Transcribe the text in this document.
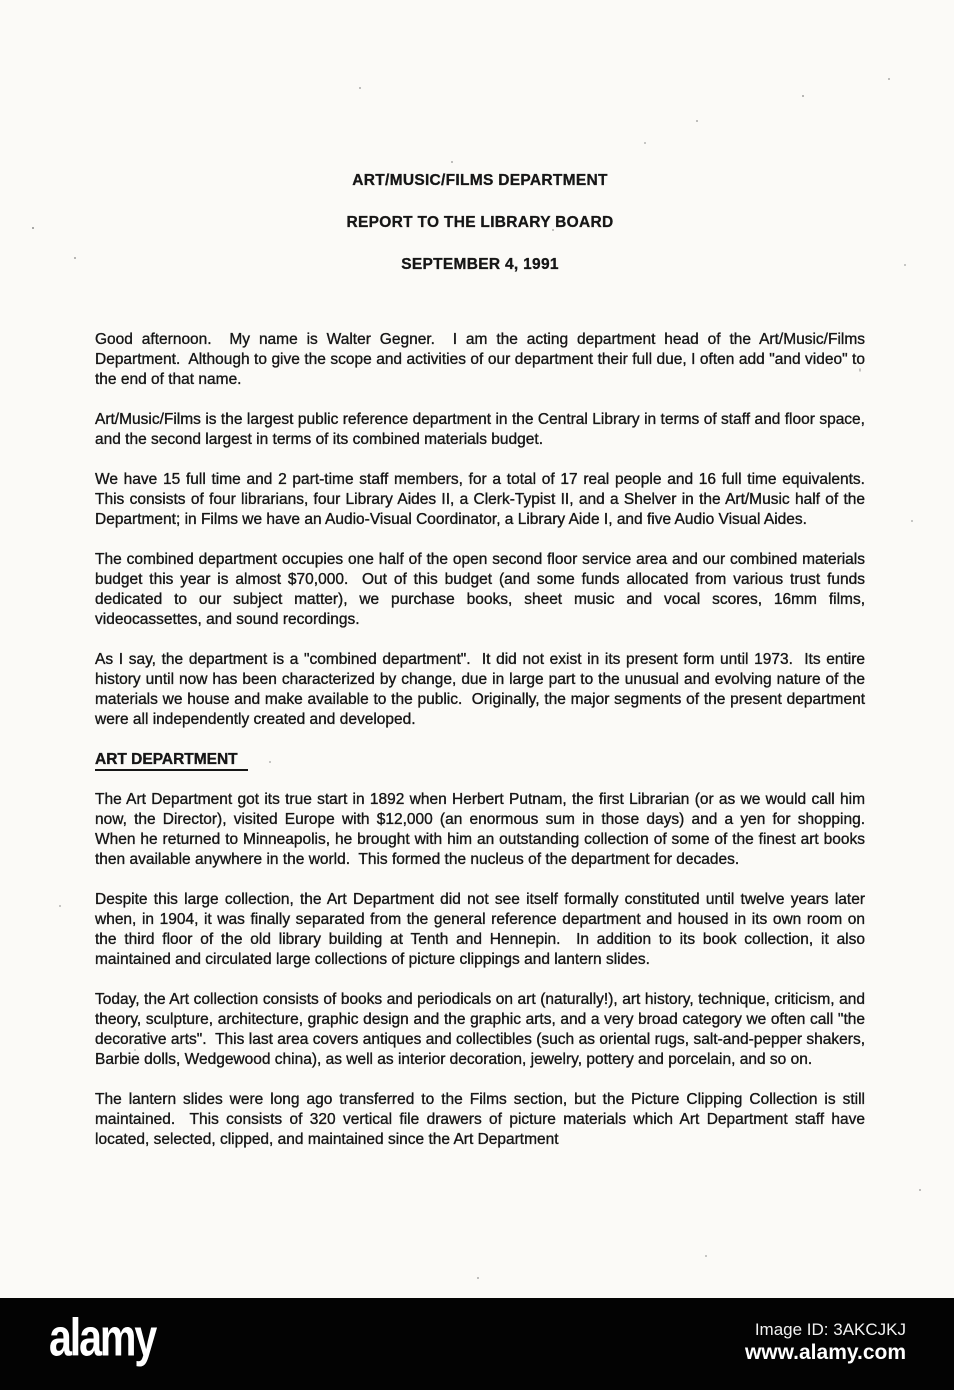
ART/MUSIC/FILMS DEPARTMENT
REPORT TO THE LIBRARY BOARD
SEPTEMBER 4, 1991

Good afternoon.  My name is Walter Gegner.  I am the acting department head of the Art/Music/Films Department.  Although to give the scope and activities of our department their full due, I often add "and video" to the end of that name.

Art/Music/Films is the largest public reference department in the Central Library in terms of staff and floor space, and the second largest in terms of its combined materials budget.

We have 15 full time and 2 part-time staff members, for a total of 17 real people and 16 full time equivalents.  This consists of four librarians, four Library Aides II, a Clerk-Typist II, and a Shelver in the Art/Music half of the Department; in Films we have an Audio-Visual Coordinator, a Library Aide I, and five Audio Visual Aides.

The combined department occupies one half of the open second floor service area and our combined materials budget this year is almost $70,000.  Out of this budget (and some funds allocated from various trust funds dedicated to our subject matter), we purchase books, sheet music and vocal scores, 16mm films, videocassettes, and sound recordings.

As I say, the department is a "combined department".  It did not exist in its present form until 1973.  Its entire history until now has been characterized by change, due in large part to the unusual and evolving nature of the materials we house and make available to the public.  Originally, the major segments of the present department were all independently created and developed.

ART DEPARTMENT

The Art Department got its true start in 1892 when Herbert Putnam, the first Librarian (or as we would call him now, the Director), visited Europe with $12,000 (an enormous sum in those days) and a yen for shopping.  When he returned to Minneapolis, he brought with him an outstanding collection of some of the finest art books then available anywhere in the world.  This formed the nucleus of the department for decades.

Despite this large collection, the Art Department did not see itself formally constituted until twelve years later when, in 1904, it was finally separated from the general reference department and housed in its own room on the third floor of the old library building at Tenth and Hennepin.  In addition to its book collection, it also maintained and circulated large collections of picture clippings and lantern slides.

Today, the Art collection consists of books and periodicals on art (naturally!), art history, technique, criticism, and theory, sculpture, architecture, graphic design and the graphic arts, and a very broad category we often call "the decorative arts".  This last area covers antiques and collectibles (such as oriental rugs, salt-and-pepper shakers, Barbie dolls, Wedgewood china), as well as interior decoration, jewelry, pottery and porcelain, and so on.

The lantern slides were long ago transferred to the Films section, but the Picture Clipping Collection is still maintained.  This consists of 320 vertical file drawers of picture materials which Art Department staff have located, selected, clipped, and maintained since the Art Department

alamy	Image ID: 3AKCJKJ
www.alamy.com
